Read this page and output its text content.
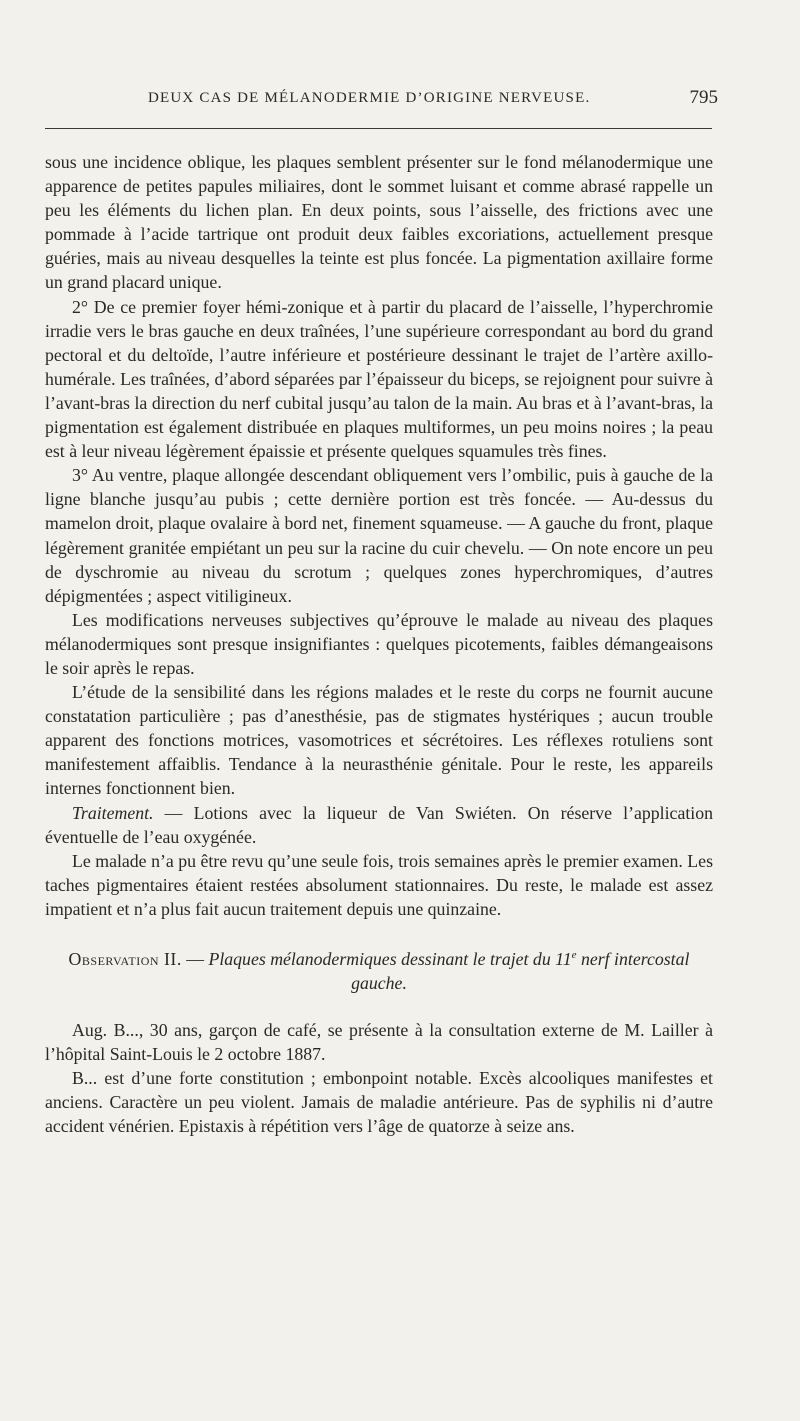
DEUX CAS DE MÉLANODERMIE D’ORIGINE NERVEUSE.	795

sous une incidence oblique, les plaques semblent présenter sur le fond mélanodermique une apparence de petites papules miliaires, dont le sommet luisant et comme abrasé rappelle un peu les éléments du lichen plan. En deux points, sous l’aisselle, des frictions avec une pommade à l’acide tartrique ont produit deux faibles excoriations, actuellement presque guéries, mais au niveau desquelles la teinte est plus foncée. La pigmentation axillaire forme un grand placard unique.

2° De ce premier foyer hémi-zonique et à partir du placard de l’aisselle, l’hyperchromie irradie vers le bras gauche en deux traînées, l’une supérieure correspondant au bord du grand pectoral et du deltoïde, l’autre inférieure et postérieure dessinant le trajet de l’artère axillo-humérale. Les traînées, d’abord séparées par l’épaisseur du biceps, se rejoignent pour suivre à l’avant-bras la direction du nerf cubital jusqu’au talon de la main. Au bras et à l’avant-bras, la pigmentation est également distribuée en plaques multiformes, un peu moins noires ; la peau est à leur niveau légèrement épaissie et présente quelques squamules très fines.

3° Au ventre, plaque allongée descendant obliquement vers l’ombilic, puis à gauche de la ligne blanche jusqu’au pubis ; cette dernière portion est très foncée. — Au-dessus du mamelon droit, plaque ovalaire à bord net, finement squameuse. — A gauche du front, plaque légèrement granitée empiétant un peu sur la racine du cuir chevelu. — On note encore un peu de dyschromie au niveau du scrotum ; quelques zones hyperchromiques, d’autres dépigmentées ; aspect vitiligineux.

Les modifications nerveuses subjectives qu’éprouve le malade au niveau des plaques mélanodermiques sont presque insignifiantes : quelques picotements, faibles démangeaisons le soir après le repas.

L’étude de la sensibilité dans les régions malades et le reste du corps ne fournit aucune constatation particulière ; pas d’anesthésie, pas de stigmates hystériques ; aucun trouble apparent des fonctions motrices, vasomotrices et sécrétoires. Les réflexes rotuliens sont manifestement affaiblis. Tendance à la neurasthénie génitale. Pour le reste, les appareils internes fonctionnent bien.

Traitement. — Lotions avec la liqueur de Van Swiéten. On réserve l’application éventuelle de l’eau oxygénée.

Le malade n’a pu être revu qu’une seule fois, trois semaines après le premier examen. Les taches pigmentaires étaient restées absolument stationnaires. Du reste, le malade est assez impatient et n’a plus fait aucun traitement depuis une quinzaine.

Observation II. — Plaques mélanodermiques dessinant le trajet du 11e nerf intercostal gauche.

Aug. B..., 30 ans, garçon de café, se présente à la consultation externe de M. Lailler à l’hôpital Saint-Louis le 2 octobre 1887.

B... est d’une forte constitution ; embonpoint notable. Excès alcooliques manifestes et anciens. Caractère un peu violent. Jamais de maladie antérieure. Pas de syphilis ni d’autre accident vénérien. Epistaxis à répétition vers l’âge de quatorze à seize ans.
